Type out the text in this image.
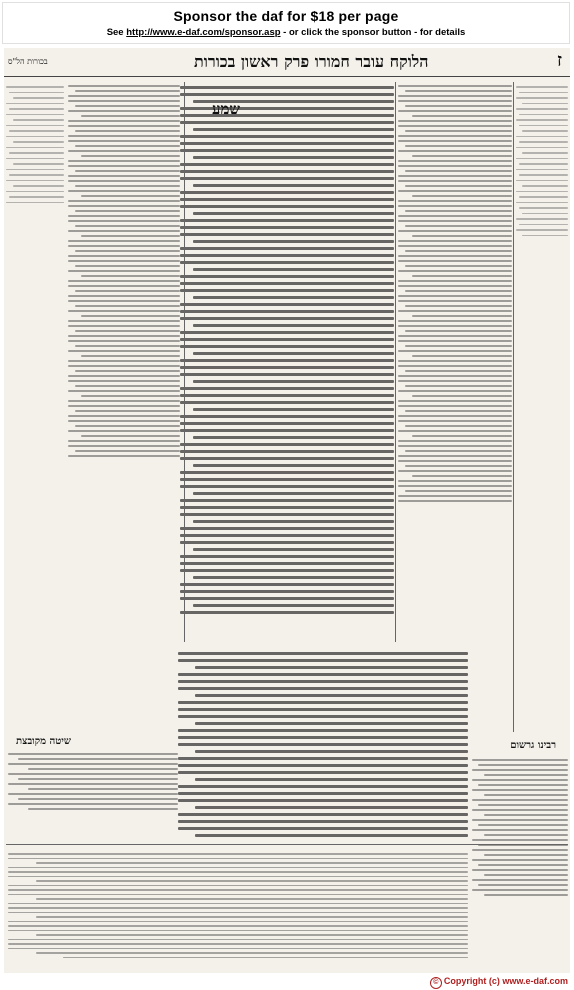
Sponsor the daf for $18 per page
See http://www.e-daf.com/sponsor.asp - or click the sponsor button - for details
בכורות הל"ס	הלוקח עובר חמורו פרק ראשון בכורות	ז
שמע
רבינו גרשום
שיטה מקובצת
© Copyright (c) www.e-daf.com
